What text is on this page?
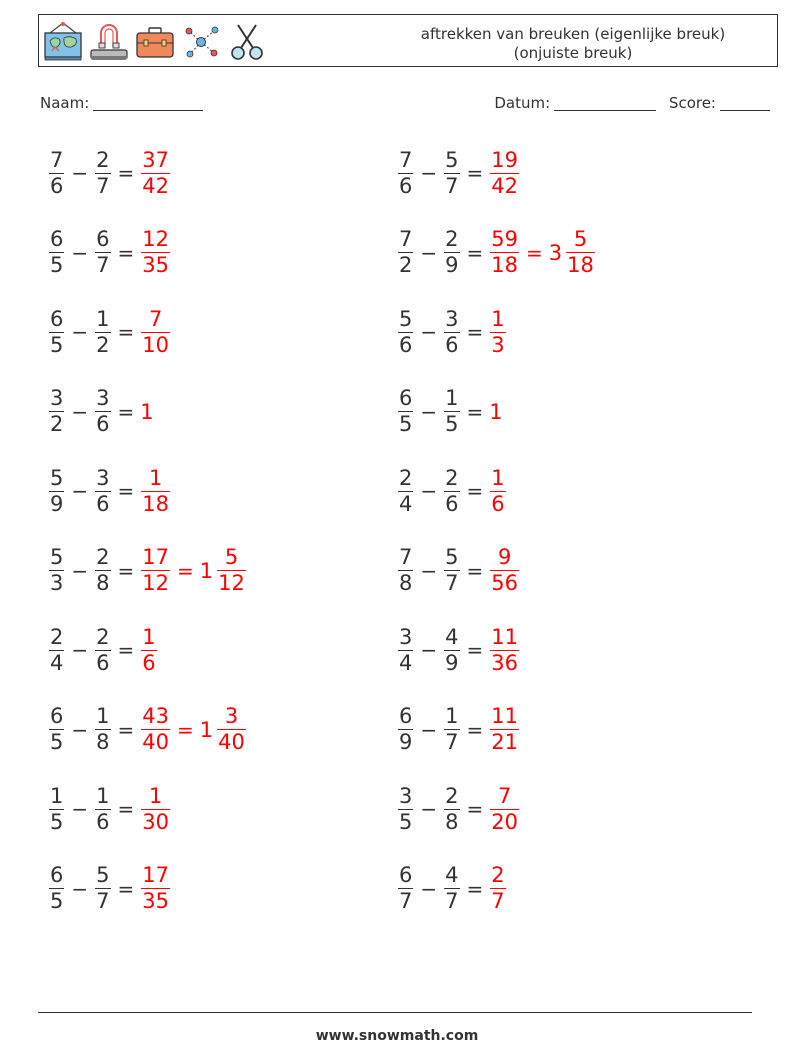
aftrekken van breuken (eigenlijke breuk)
(onjuiste breuk)
Naam:	Datum:	Score:
$\frac{7}{6} - \frac{2}{7} = \frac{37}{42}$	$\frac{7}{6} - \frac{5}{7} = \frac{19}{42}$
$\frac{6}{5} - \frac{6}{7} = \frac{12}{35}$	$\frac{7}{2} - \frac{2}{9} = \frac{59}{18} = 3 \frac{5}{18}$
$\frac{6}{5} - \frac{1}{2} = \frac{7}{10}$	$\frac{5}{6} - \frac{3}{6} = \frac{1}{3}$
$\frac{3}{2} - \frac{3}{6} = 1$	$\frac{6}{5} - \frac{1}{5} = 1$
$\frac{5}{9} - \frac{3}{6} = \frac{1}{18}$	$\frac{2}{4} - \frac{2}{6} = \frac{1}{6}$
$\frac{5}{3} - \frac{2}{8} = \frac{17}{12} = 1 \frac{5}{12}$	$\frac{7}{8} - \frac{5}{7} = \frac{9}{56}$
$\frac{2}{4} - \frac{2}{6} = \frac{1}{6}$	$\frac{3}{4} - \frac{4}{9} = \frac{11}{36}$
$\frac{6}{5} - \frac{1}{8} = \frac{43}{40} = 1 \frac{3}{40}$	$\frac{6}{9} - \frac{1}{7} = \frac{11}{21}$
$\frac{1}{5} - \frac{1}{6} = \frac{1}{30}$	$\frac{3}{5} - \frac{2}{8} = \frac{7}{20}$
$\frac{6}{5} - \frac{5}{7} = \frac{17}{35}$	$\frac{6}{7} - \frac{4}{7} = \frac{2}{7}$
www.snowmath.com
